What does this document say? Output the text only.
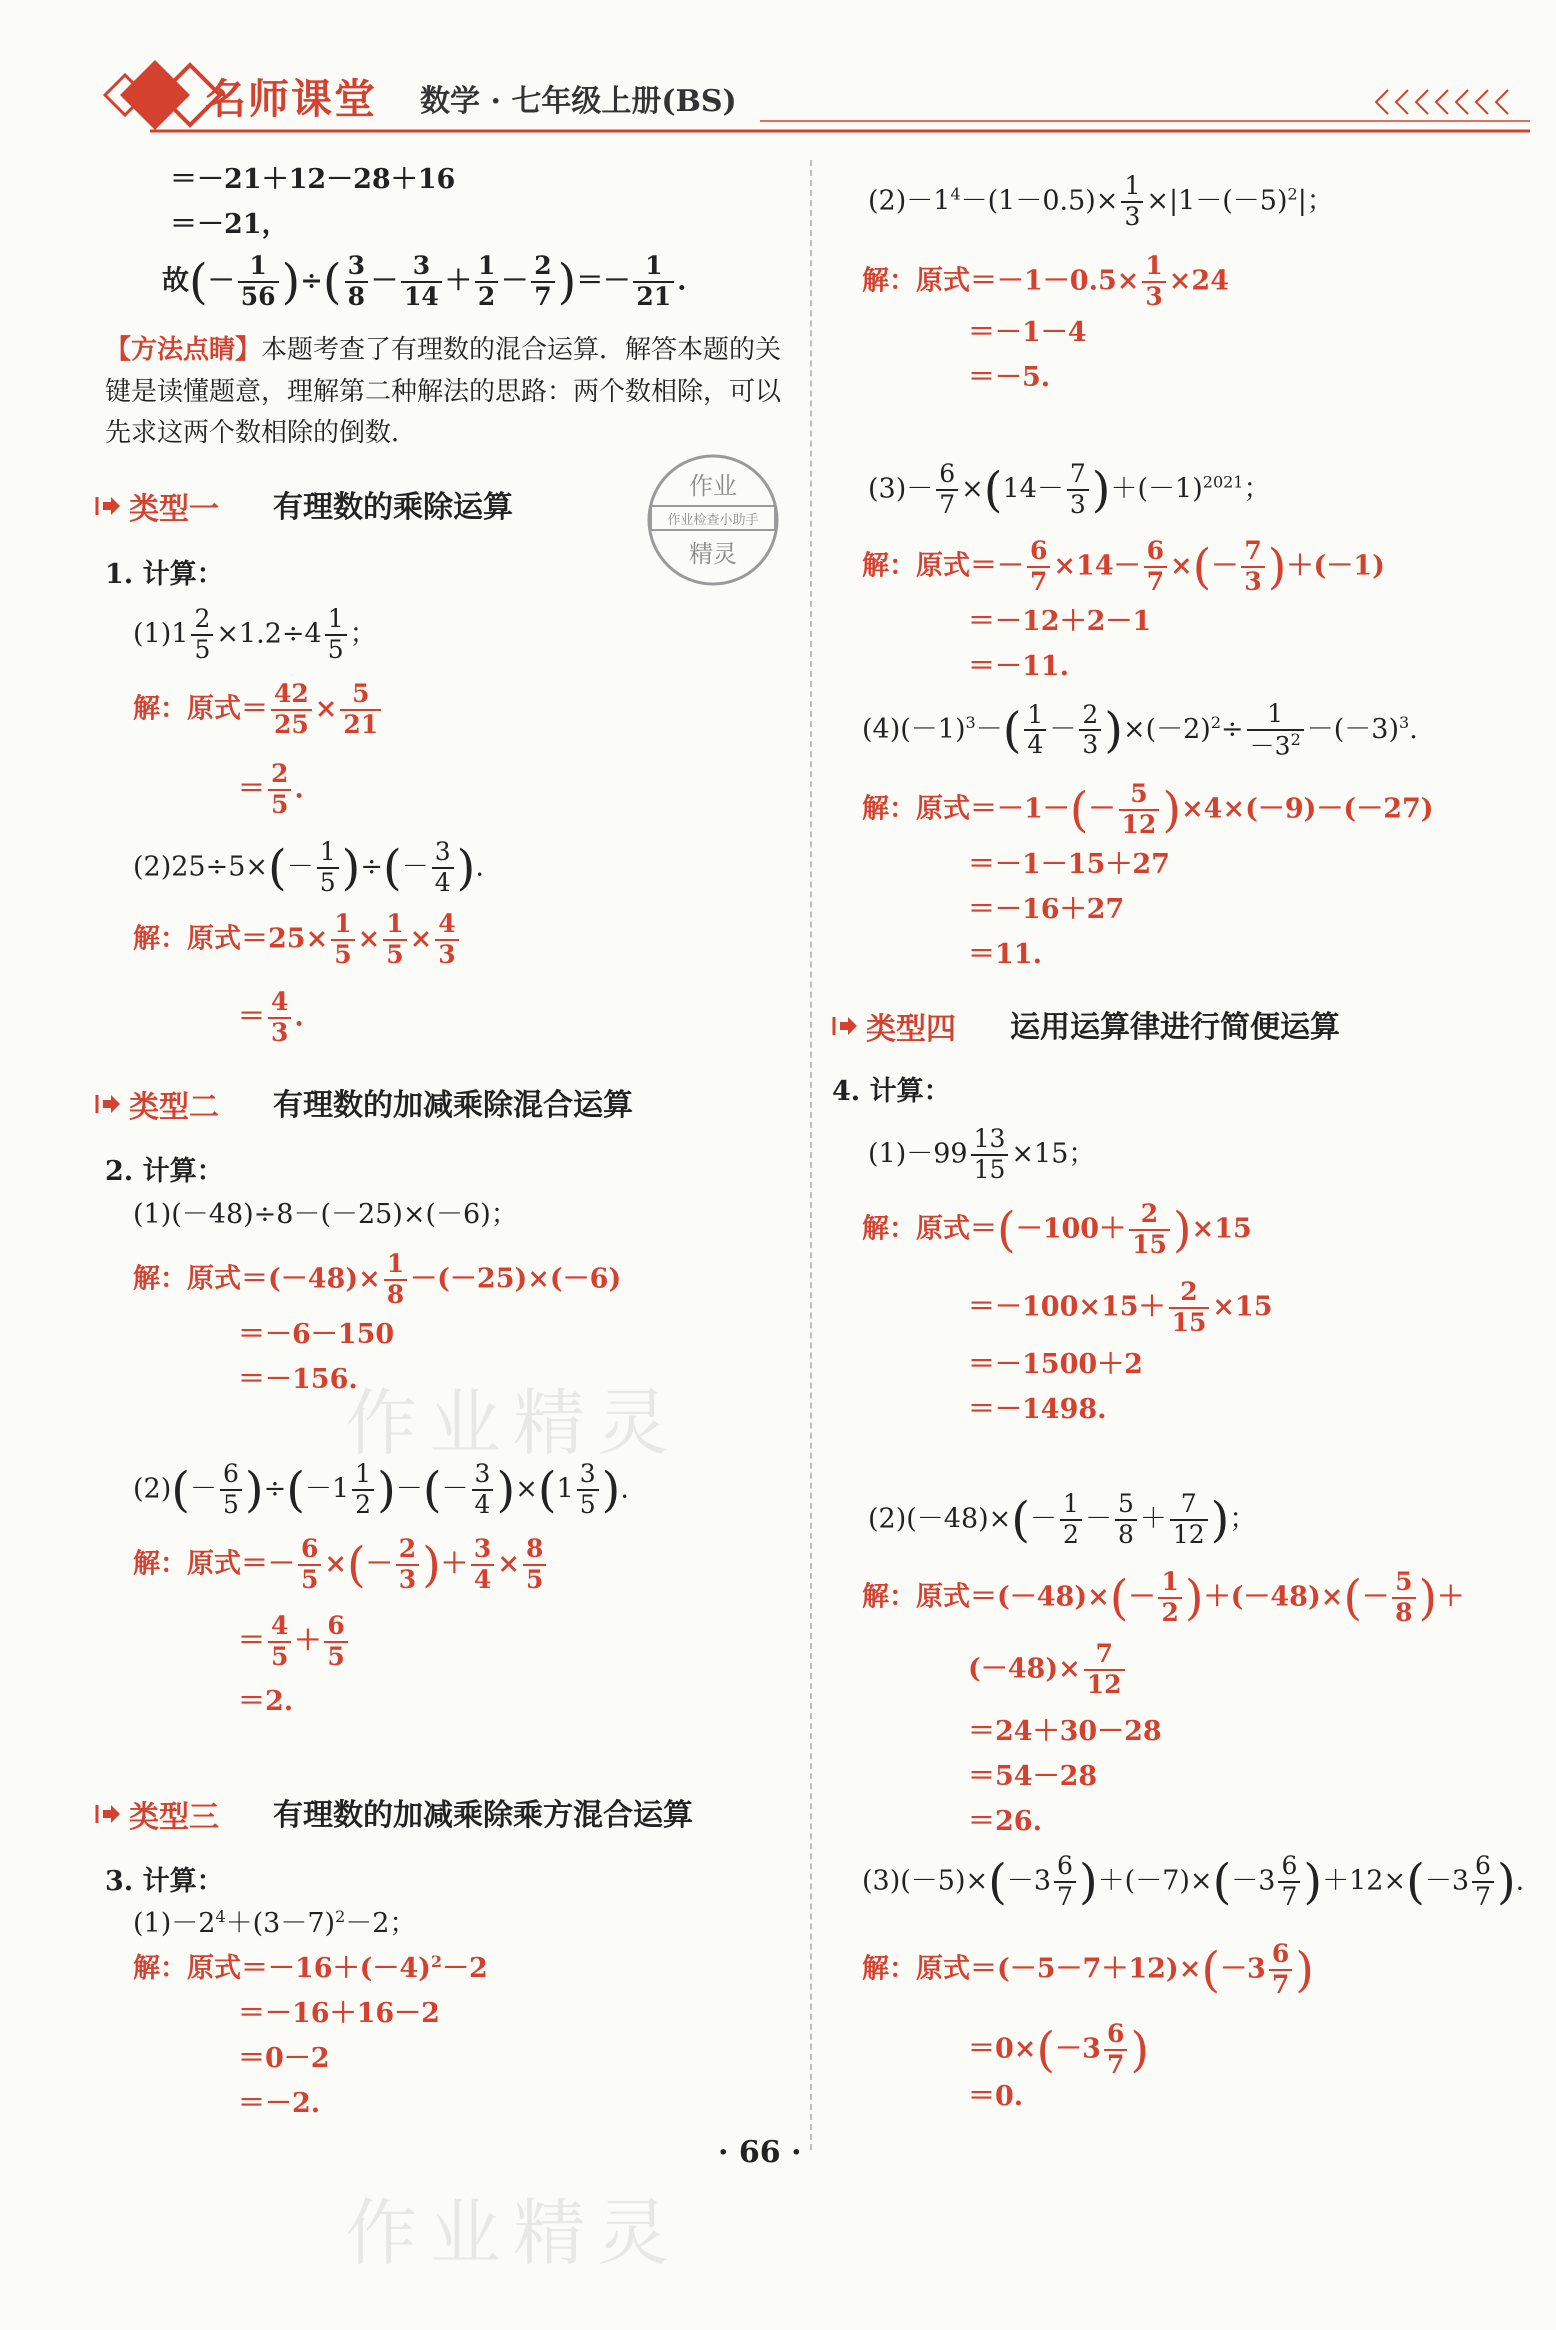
名师课堂 数学 · 七年级上册(BS)
＝－21＋12－28＋16
＝－21，
故(－ $\frac{1}{56}$ )÷( $\frac{3}{8} - \frac{3}{14} + \frac{1}{2} - \frac{2}{7}$ )＝－ $\frac{1}{21}$ .
【方法点睛】本题考查了有理数的混合运算．解答本题的关键是读懂题意，理解第二种解法的思路：两个数相除，可以先求这两个数相除的倒数．
作业
作业检查小助手
精灵
类型一 有理数的乘除运算
1. 计算：
$(1)1 \frac{2}{5} \times 1.2\div 4 \frac{1}{5}$ ；
解：原式＝ $\frac{42}{25} \times \frac{5}{21}$
＝ $\frac{2}{5}$ .
$(2)25\div 5\times(- \frac{1}{5}$ )÷(－ $\frac{3}{4}$ ).
解：原式$=25\times \frac{1}{5} \times \frac{1}{5} \times \frac{4}{3}$
＝ $\frac{4}{3}$ .
类型二 有理数的加减乘除混合运算
2. 计算：
(1)(－48)÷8－(－25)×(－6)；
解：原式$=(-48)\times \frac{1}{8} -(-25)\times(-6)$
＝－6－150
＝－156.
$(2)(- \frac{6}{5} )\div(-1 \frac{1}{2}$ )－(－ $\frac{3}{4} )\times(1 \frac{3}{5}$ ).
解：原式＝－ $\frac{6}{5}$ ×(－ $\frac{2}{3}$ )＋ $\frac{3}{4} \times \frac{8}{5}$
＝ $\frac{4}{5} + \frac{6}{5}$
＝2.
类型三 有理数的加减乘除乘方混合运算
3. 计算：
$(1)-2^4+(3-7)^2-2$；
解：原式$=-16+(-4)^2-2$
＝－16＋16－2
＝0－2
＝－2.
$(2)-1^4-(1-0.5)\times \frac{1}{3} \times|1-(-5)^2|$；
解：原式$=-1-0.5\times \frac{1}{3} \times 24$
＝－1－4
＝－5.
$(3)- \frac{6}{7} \times(14- \frac{7}{3} )+(-1)^{2021}$；
解：原式＝－ $\frac{6}{7} \times 14- \frac{6}{7}$ ×(－ $\frac{7}{3} )+(-1)$
＝－12＋2－1
＝－11.
$(4)(-1)^3-( \frac{1}{4} - \frac{2}{3} )\times(-2)^2\div \frac{1}{-3^2} -(-3)^3$.
解：原式$=-1-(- \frac{5}{12} )\times 4\times(-9)-(-27)$
＝－1－15＋27
＝－16＋27
＝11.
类型四 运用运算律进行简便运算
4. 计算：
$(1)-99 \frac{13}{15} \times 15$；
解：原式$=(-100+ \frac{2}{15} )\times 15$
$=-100\times 15+ \frac{2}{15} \times 15$
＝－1500＋2
＝－1498.
$(2)(-48)\times(- \frac{1}{2} - \frac{5}{8} + \frac{7}{12}$ )；
解：原式$=(-48)\times(- \frac{1}{2} )+(-48)\times(- \frac{5}{8}$ )＋
$(-48)\times \frac{7}{12}$
＝24＋30－28
＝54－28
＝26.
$(3)(-5)\times(-3 \frac{6}{7} )+(-7)\times(-3 \frac{6}{7} )+12\times(-3 \frac{6}{7}$ ).
解：原式$=(-5-7+12)\times(-3 \frac{6}{7}$ )
$=0\times(-3 \frac{6}{7}$ )
＝0.
作业精灵
作业精灵
· 66 ·
